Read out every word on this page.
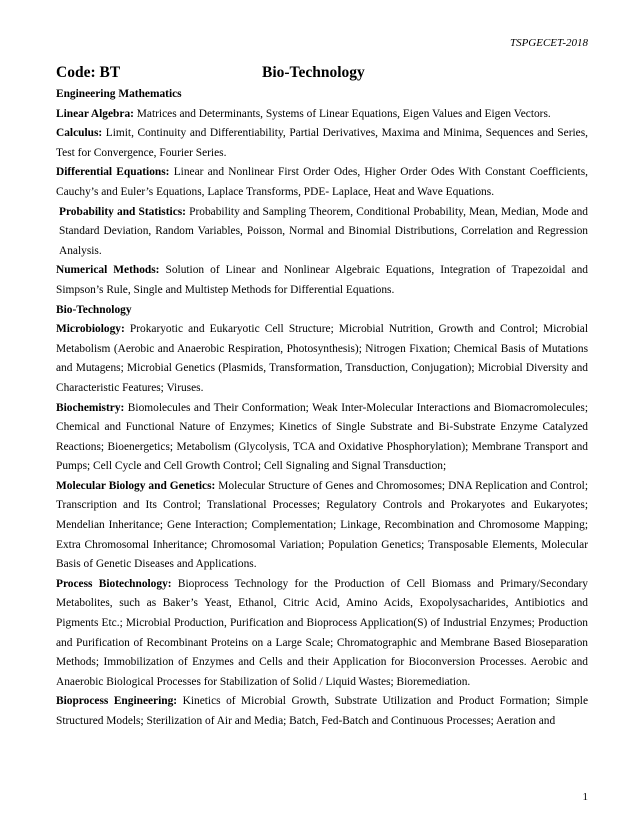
TSPGECET-2018
Code: BT	Bio-Technology

Engineering Mathematics

Linear Algebra: Matrices and Determinants, Systems of Linear Equations, Eigen Values and Eigen Vectors.

Calculus: Limit, Continuity and Differentiability, Partial Derivatives, Maxima and Minima, Sequences and Series, Test for Convergence, Fourier Series.

Differential Equations: Linear and Nonlinear First Order Odes, Higher Order Odes With Constant Coefficients, Cauchy’s and Euler’s Equations, Laplace Transforms, PDE- Laplace, Heat and Wave Equations.

Probability and Statistics: Probability and Sampling Theorem, Conditional Probability, Mean, Median, Mode and Standard Deviation, Random Variables, Poisson, Normal and Binomial Distributions, Correlation and Regression Analysis.

Numerical Methods: Solution of Linear and Nonlinear Algebraic Equations, Integration of Trapezoidal and Simpson’s Rule, Single and Multistep Methods for Differential Equations.

Bio-Technology

Microbiology: Prokaryotic and Eukaryotic Cell Structure; Microbial Nutrition, Growth and Control; Microbial Metabolism (Aerobic and Anaerobic Respiration, Photosynthesis); Nitrogen Fixation; Chemical Basis of Mutations and Mutagens; Microbial Genetics (Plasmids, Transformation, Transduction, Conjugation); Microbial Diversity and Characteristic Features; Viruses.

Biochemistry: Biomolecules and Their Conformation; Weak Inter-Molecular Interactions and Biomacromolecules; Chemical and Functional Nature of Enzymes; Kinetics of Single Substrate and Bi-Substrate Enzyme Catalyzed Reactions; Bioenergetics; Metabolism (Glycolysis, TCA and Oxidative Phosphorylation); Membrane Transport and Pumps; Cell Cycle and Cell Growth Control; Cell Signaling and Signal Transduction;

Molecular Biology and Genetics: Molecular Structure of Genes and Chromosomes; DNA Replication and Control; Transcription and Its Control; Translational Processes; Regulatory Controls and Prokaryotes and Eukaryotes; Mendelian Inheritance; Gene Interaction; Complementation; Linkage, Recombination and Chromosome Mapping; Extra Chromosomal Inheritance; Chromosomal Variation; Population Genetics; Transposable Elements, Molecular Basis of Genetic Diseases and Applications.

Process Biotechnology: Bioprocess Technology for the Production of Cell Biomass and Primary/Secondary Metabolites, such as Baker’s Yeast, Ethanol, Citric Acid, Amino Acids, Exopolysacharides, Antibiotics and Pigments Etc.; Microbial Production, Purification and Bioprocess Application(S) of Industrial Enzymes; Production and Purification of Recombinant Proteins on a Large Scale; Chromatographic and Membrane Based Bioseparation Methods; Immobilization of Enzymes and Cells and their Application for Bioconversion Processes. Aerobic and Anaerobic Biological Processes for Stabilization of Solid / Liquid Wastes; Bioremediation.

Bioprocess Engineering: Kinetics of Microbial Growth, Substrate Utilization and Product Formation; Simple Structured Models; Sterilization of Air and Media; Batch, Fed-Batch and Continuous Processes; Aeration and

1
